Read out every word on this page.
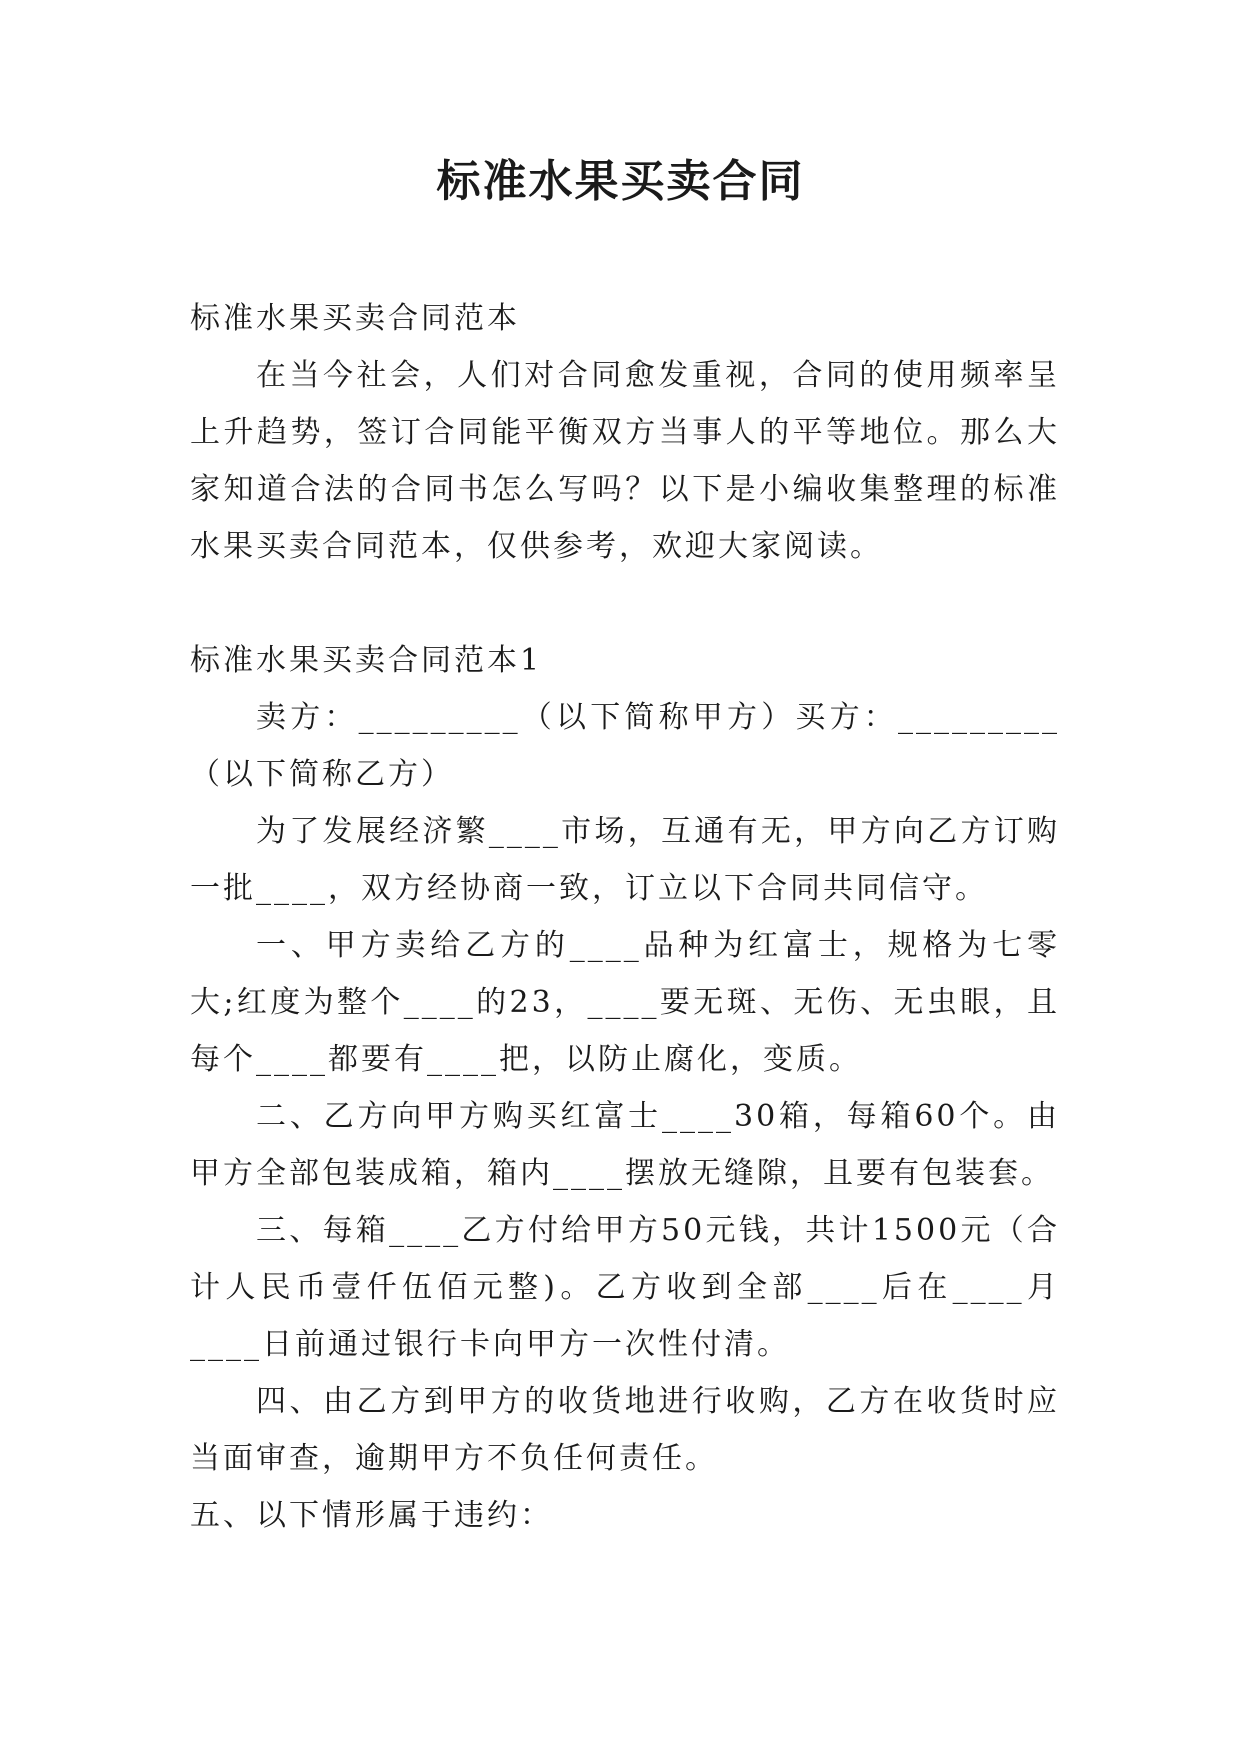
标准水果买卖合同

标准水果买卖合同范本

在当今社会，人们对合同愈发重视，合同的使用频率呈上升趋势，签订合同能平衡双方当事人的平等地位。那么大家知道合法的合同书怎么写吗？以下是小编收集整理的标准水果买卖合同范本，仅供参考，欢迎大家阅读。

标准水果买卖合同范本1

卖方：_________（以下简称甲方）买方：_________（以下简称乙方）

为了发展经济繁____市场，互通有无，甲方向乙方订购一批____，双方经协商一致，订立以下合同共同信守。

一、甲方卖给乙方的____品种为红富士，规格为七零大;红度为整个____的23，____要无斑、无伤、无虫眼，且每个____都要有____把，以防止腐化，变质。

二、乙方向甲方购买红富士____30箱，每箱60个。由甲方全部包装成箱，箱内____摆放无缝隙，且要有包装套。

三、每箱____乙方付给甲方50元钱，共计1500元（合计人民币壹仟伍佰元整)。乙方收到全部____后在____月____日前通过银行卡向甲方一次性付清。

四、由乙方到甲方的收货地进行收购，乙方在收货时应当面审查，逾期甲方不负任何责任。

五、以下情形属于违约：
